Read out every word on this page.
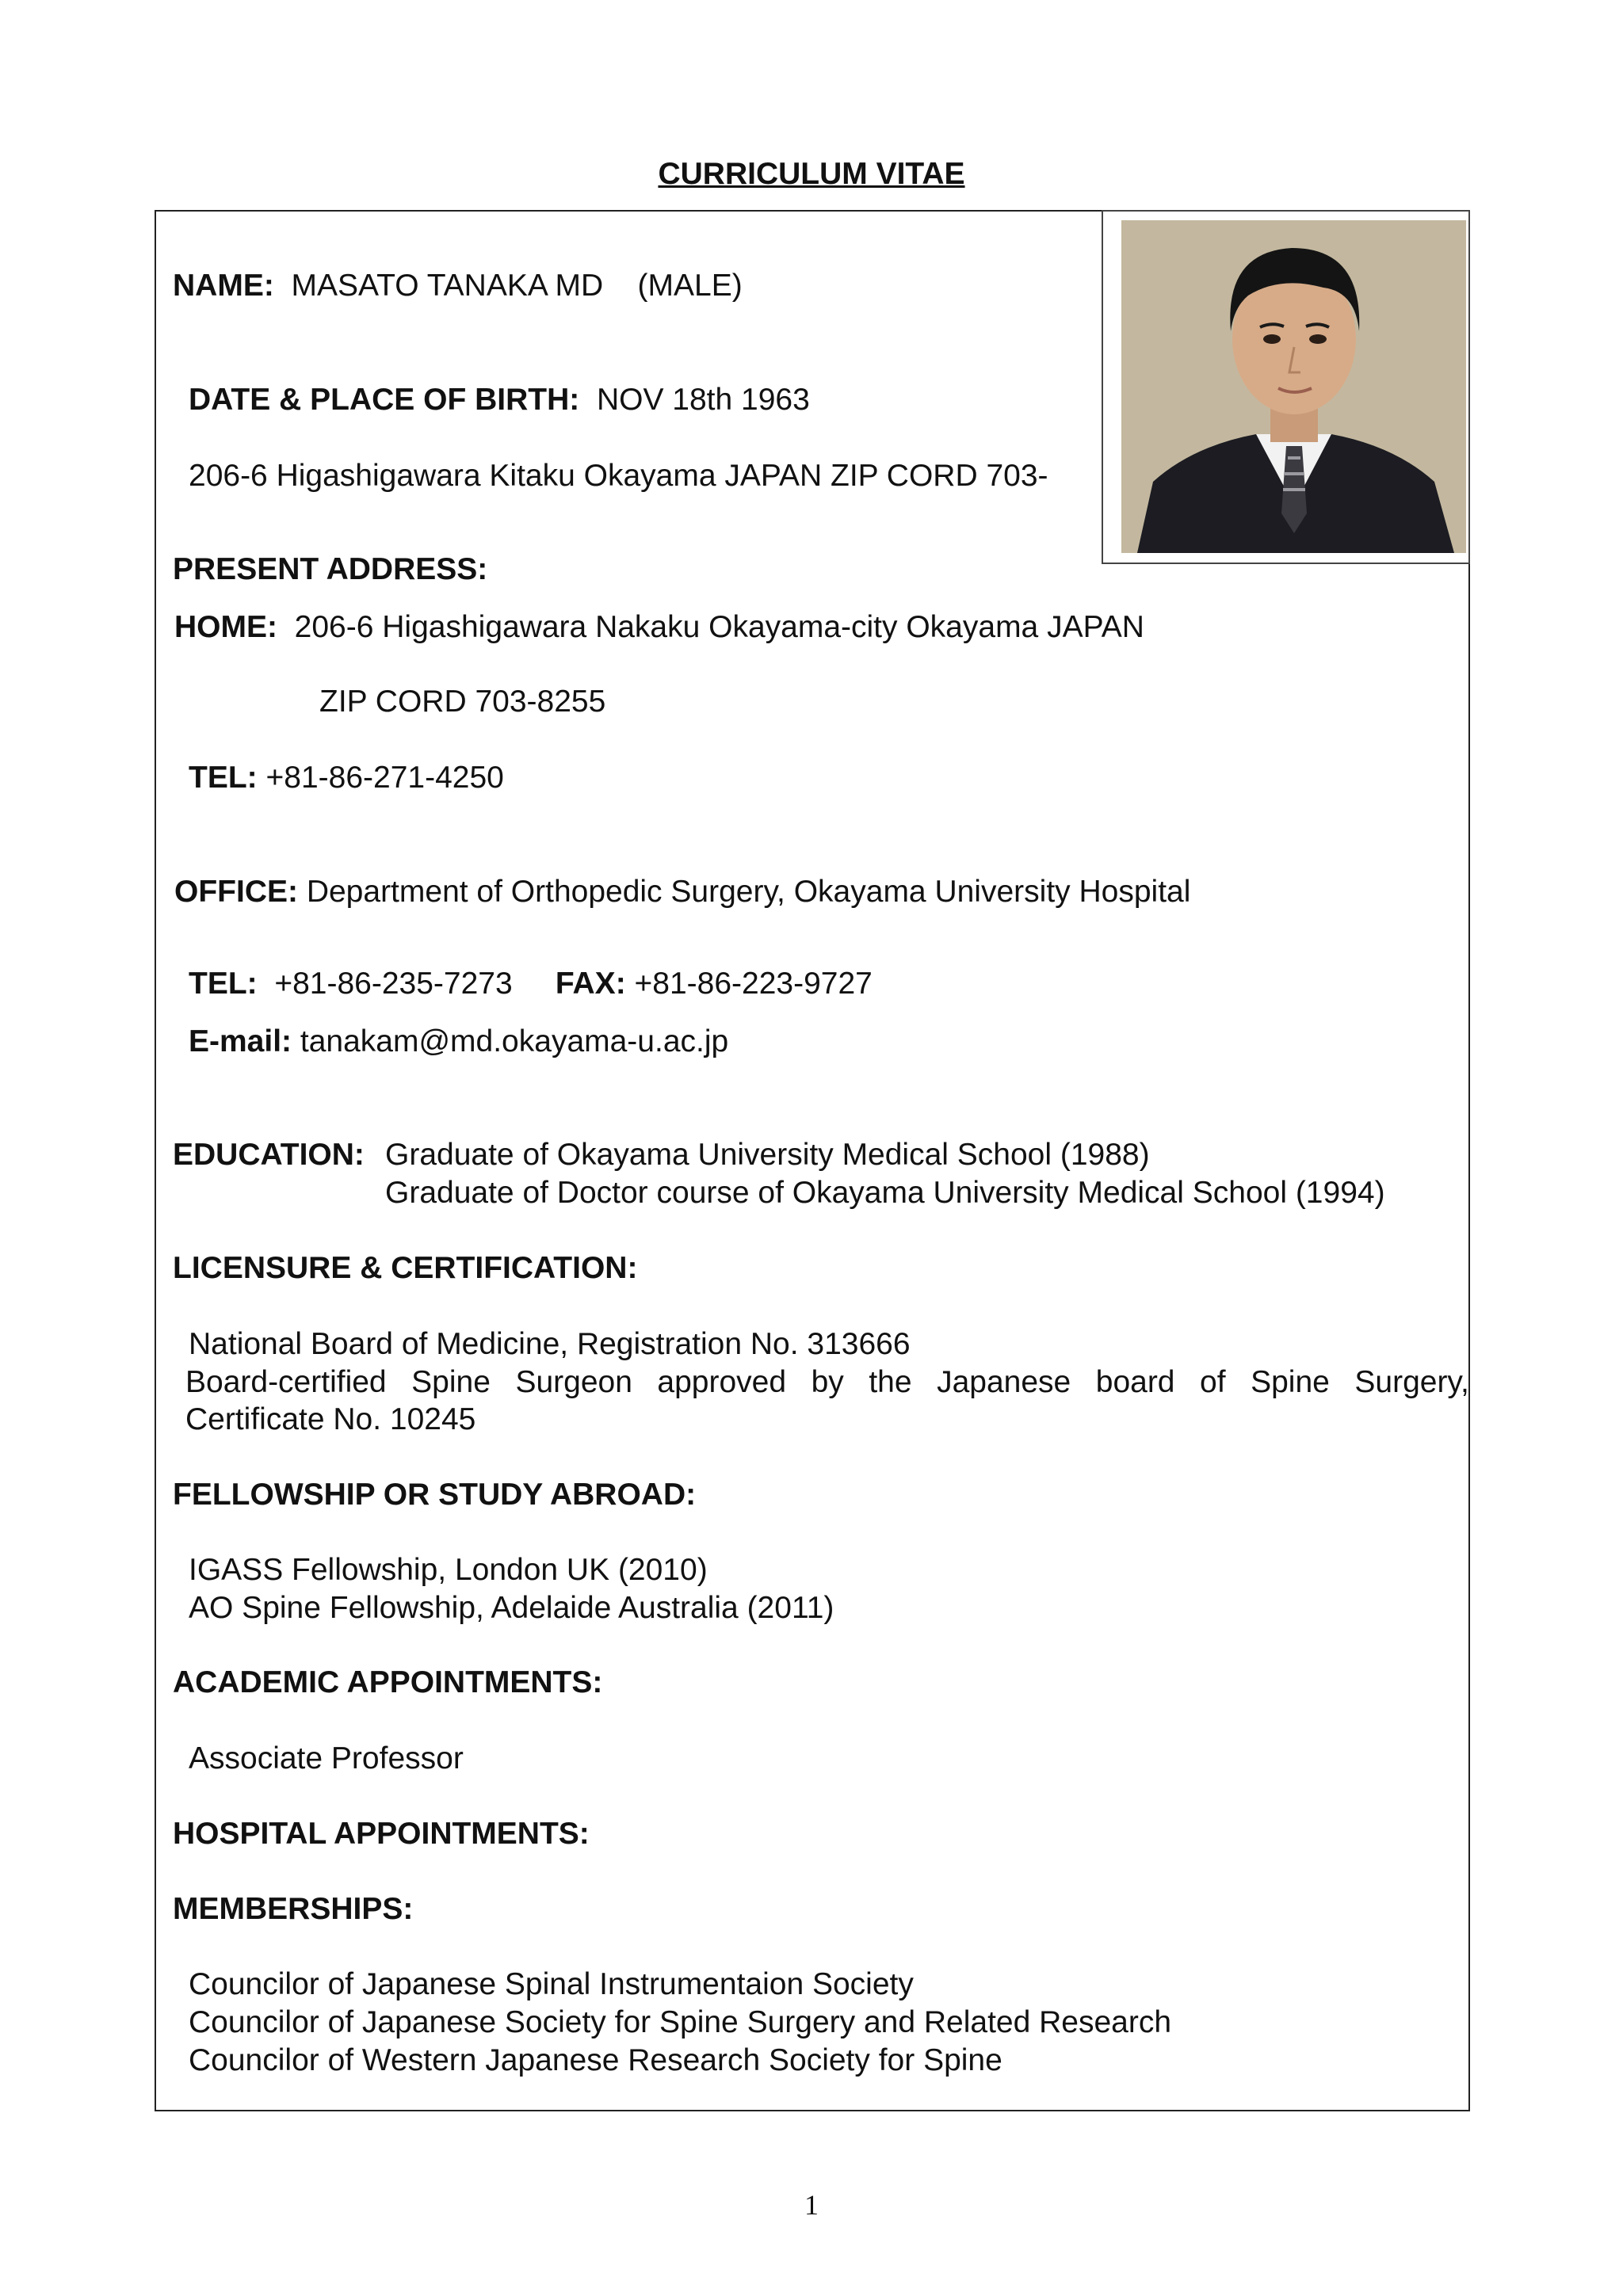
CURRICULUM VITAE
NAME: MASATO TANAKA MD (MALE)
DATE & PLACE OF BIRTH: NOV 18th 1963
206-6 Higashigawara Kitaku Okayama JAPAN ZIP CORD 703-
PRESENT ADDRESS:
HOME: 206-6 Higashigawara Nakaku Okayama-city Okayama JAPAN
ZIP CORD 703-8255
TEL: +81-86-271-4250
OFFICE: Department of Orthopedic Surgery, Okayama University Hospital
TEL: +81-86-235-7273 FAX: +81-86-223-9727
E-mail: tanakam@md.okayama-u.ac.jp
EDUCATION: Graduate of Okayama University Medical School (1988)
Graduate of Doctor course of Okayama University Medical School (1994)
LICENSURE & CERTIFICATION:
National Board of Medicine, Registration No. 313666
Board-certified Spine Surgeon approved by the Japanese board of Spine Surgery,
Certificate No. 10245
FELLOWSHIP OR STUDY ABROAD:
IGASS Fellowship, London UK (2010)
AO Spine Fellowship, Adelaide Australia (2011)
ACADEMIC APPOINTMENTS:
Associate Professor
HOSPITAL APPOINTMENTS:
MEMBERSHIPS:
Councilor of Japanese Spinal Instrumentaion Society
Councilor of Japanese Society for Spine Surgery and Related Research
Councilor of Western Japanese Research Society for Spine
1
